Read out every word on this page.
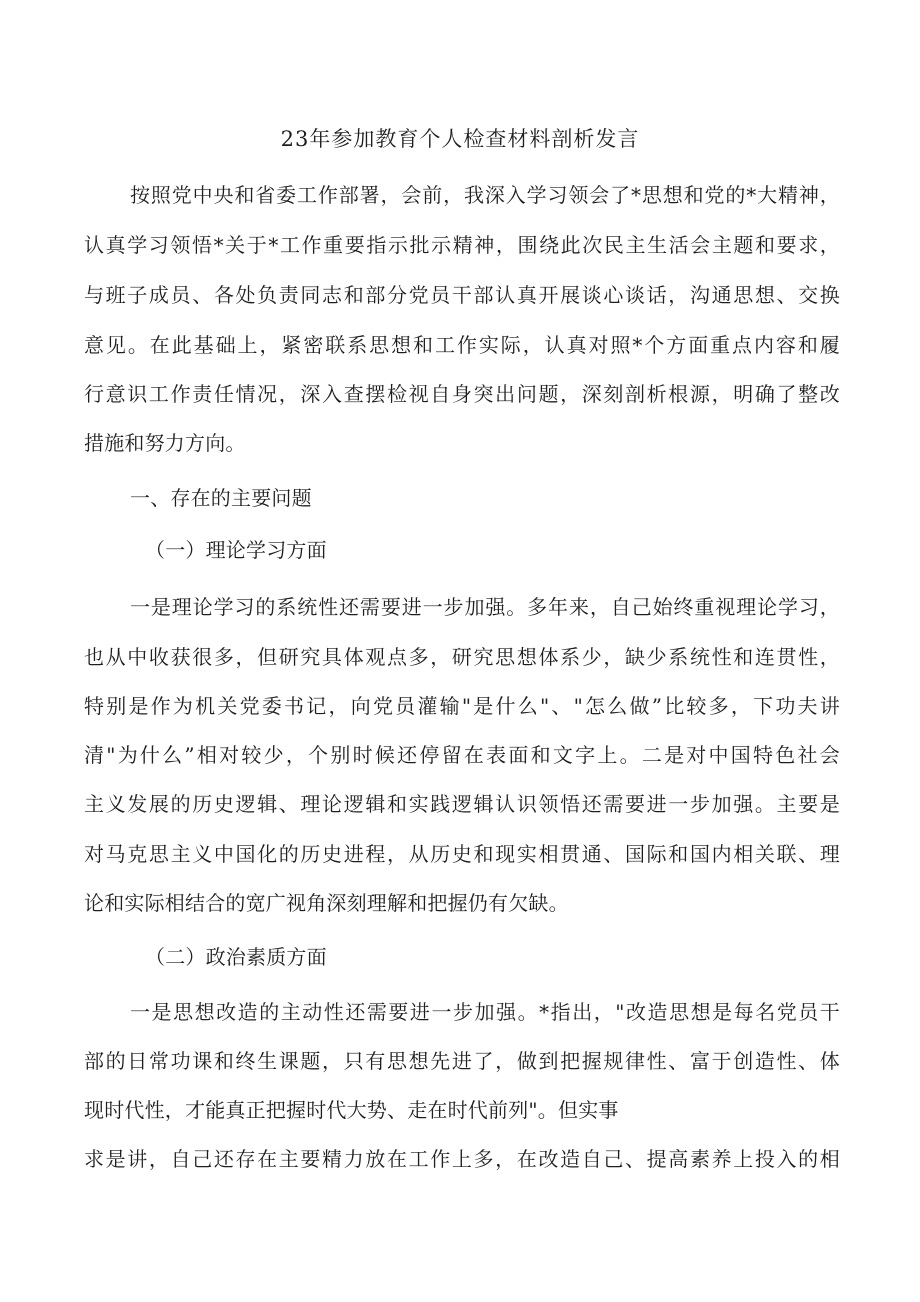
23年参加教育个人检查材料剖析发言
按照党中央和省委工作部署，会前，我深入学习领会了*思想和党的*大精神，
认真学习领悟*关于*工作重要指示批示精神，围绕此次民主生活会主题和要求，
与班子成员、各处负责同志和部分党员干部认真开展谈心谈话，沟通思想、交换
意见。在此基础上，紧密联系思想和工作实际，认真对照*个方面重点内容和履
行意识工作责任情况，深入查摆检视自身突出问题，深刻剖析根源，明确了整改
措施和努力方向。
一、存在的主要问题
（一）理论学习方面
一是理论学习的系统性还需要进一步加强。多年来，自己始终重视理论学习，
也从中收获很多，但研究具体观点多，研究思想体系少，缺少系统性和连贯性，
特别是作为机关党委书记，向党员灌输"是什么"、"怎么做”比较多，下功夫讲
清"为什么”相对较少，个别时候还停留在表面和文字上。二是对中国特色社会
主义发展的历史逻辑、理论逻辑和实践逻辑认识领悟还需要进一步加强。主要是
对马克思主义中国化的历史进程，从历史和现实相贯通、国际和国内相关联、理
论和实际相结合的宽广视角深刻理解和把握仍有欠缺。
（二）政治素质方面
一是思想改造的主动性还需要进一步加强。*指出，"改造思想是每名党员干
部的日常功课和终生课题，只有思想先进了，做到把握规律性、富于创造性、体
现时代性，才能真正把握时代大势、走在时代前列"。但实事
求是讲，自己还存在主要精力放在工作上多，在改造自己、提高素养上投入的相
